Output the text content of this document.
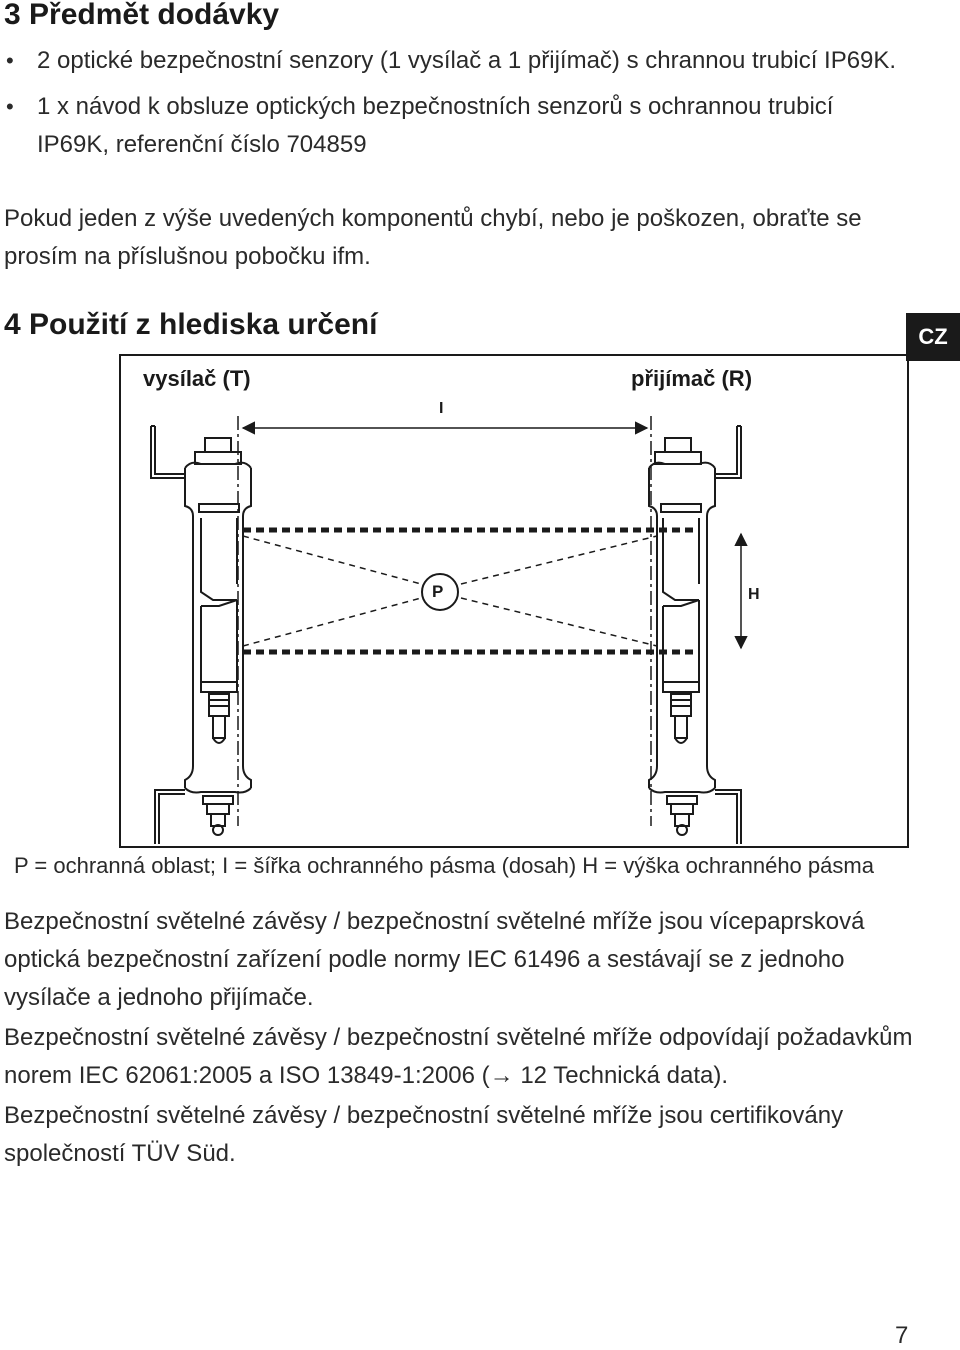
3 Předmět dodávky
• 2 optické bezpečnostní senzory (1 vysílač a 1 přijímač) s chrannou trubicí IP69K.
• 1 x návod k obsluze optických bezpečnostních senzorů s ochrannou trubicí IP69K, referenční číslo 704859
Pokud jeden z výše uvedených komponentů chybí, nebo je poškozen, obraťte se prosím na příslušnou pobočku ifm.
4 Použití z hlediska určení	CZ
vysílač (T)	přijímač (R)
I
P	H
P = ochranná oblast; I = šířka ochranného pásma (dosah) H = výška ochranného pásma
Bezpečnostní světelné závěsy / bezpečnostní světelné mříže jsou vícepaprsková optická bezpečnostní zařízení podle normy IEC 61496 a sestávají se z jednoho vysílače a jednoho přijímače.
Bezpečnostní světelné závěsy / bezpečnostní světelné mříže odpovídají požadavkům norem IEC 62061:2005 a ISO 13849-1:2006 (→ 12 Technická data).
Bezpečnostní světelné závěsy / bezpečnostní světelné mříže jsou certifikovány společností TÜV Süd.
7
